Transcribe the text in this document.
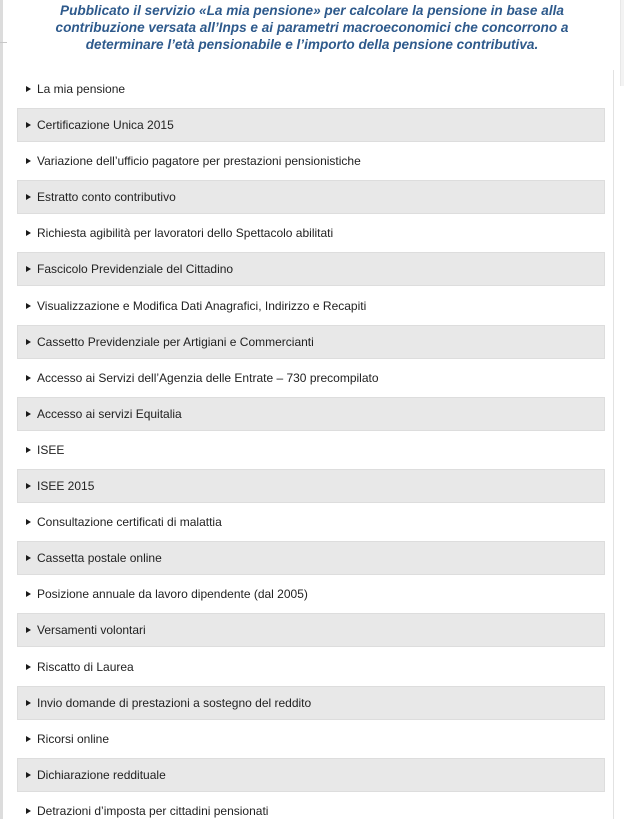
Pubblicato il servizio «La mia pensione» per calcolare la pensione in base alla contribuzione versata all’Inps e ai parametri macroeconomici che concorrono a determinare l’età pensionabile e l’importo della pensione contributiva.

La mia pensione
Certificazione Unica 2015
Variazione dell’ufficio pagatore per prestazioni pensionistiche
Estratto conto contributivo
Richiesta agibilità per lavoratori dello Spettacolo abilitati
Fascicolo Previdenziale del Cittadino
Visualizzazione e Modifica Dati Anagrafici, Indirizzo e Recapiti
Cassetto Previdenziale per Artigiani e Commercianti
Accesso ai Servizi dell’Agenzia delle Entrate – 730 precompilato
Accesso ai servizi Equitalia
ISEE
ISEE 2015
Consultazione certificati di malattia
Cassetta postale online
Posizione annuale da lavoro dipendente (dal 2005)
Versamenti volontari
Riscatto di Laurea
Invio domande di prestazioni a sostegno del reddito
Ricorsi online
Dichiarazione reddituale
Detrazioni d’imposta per cittadini pensionati
